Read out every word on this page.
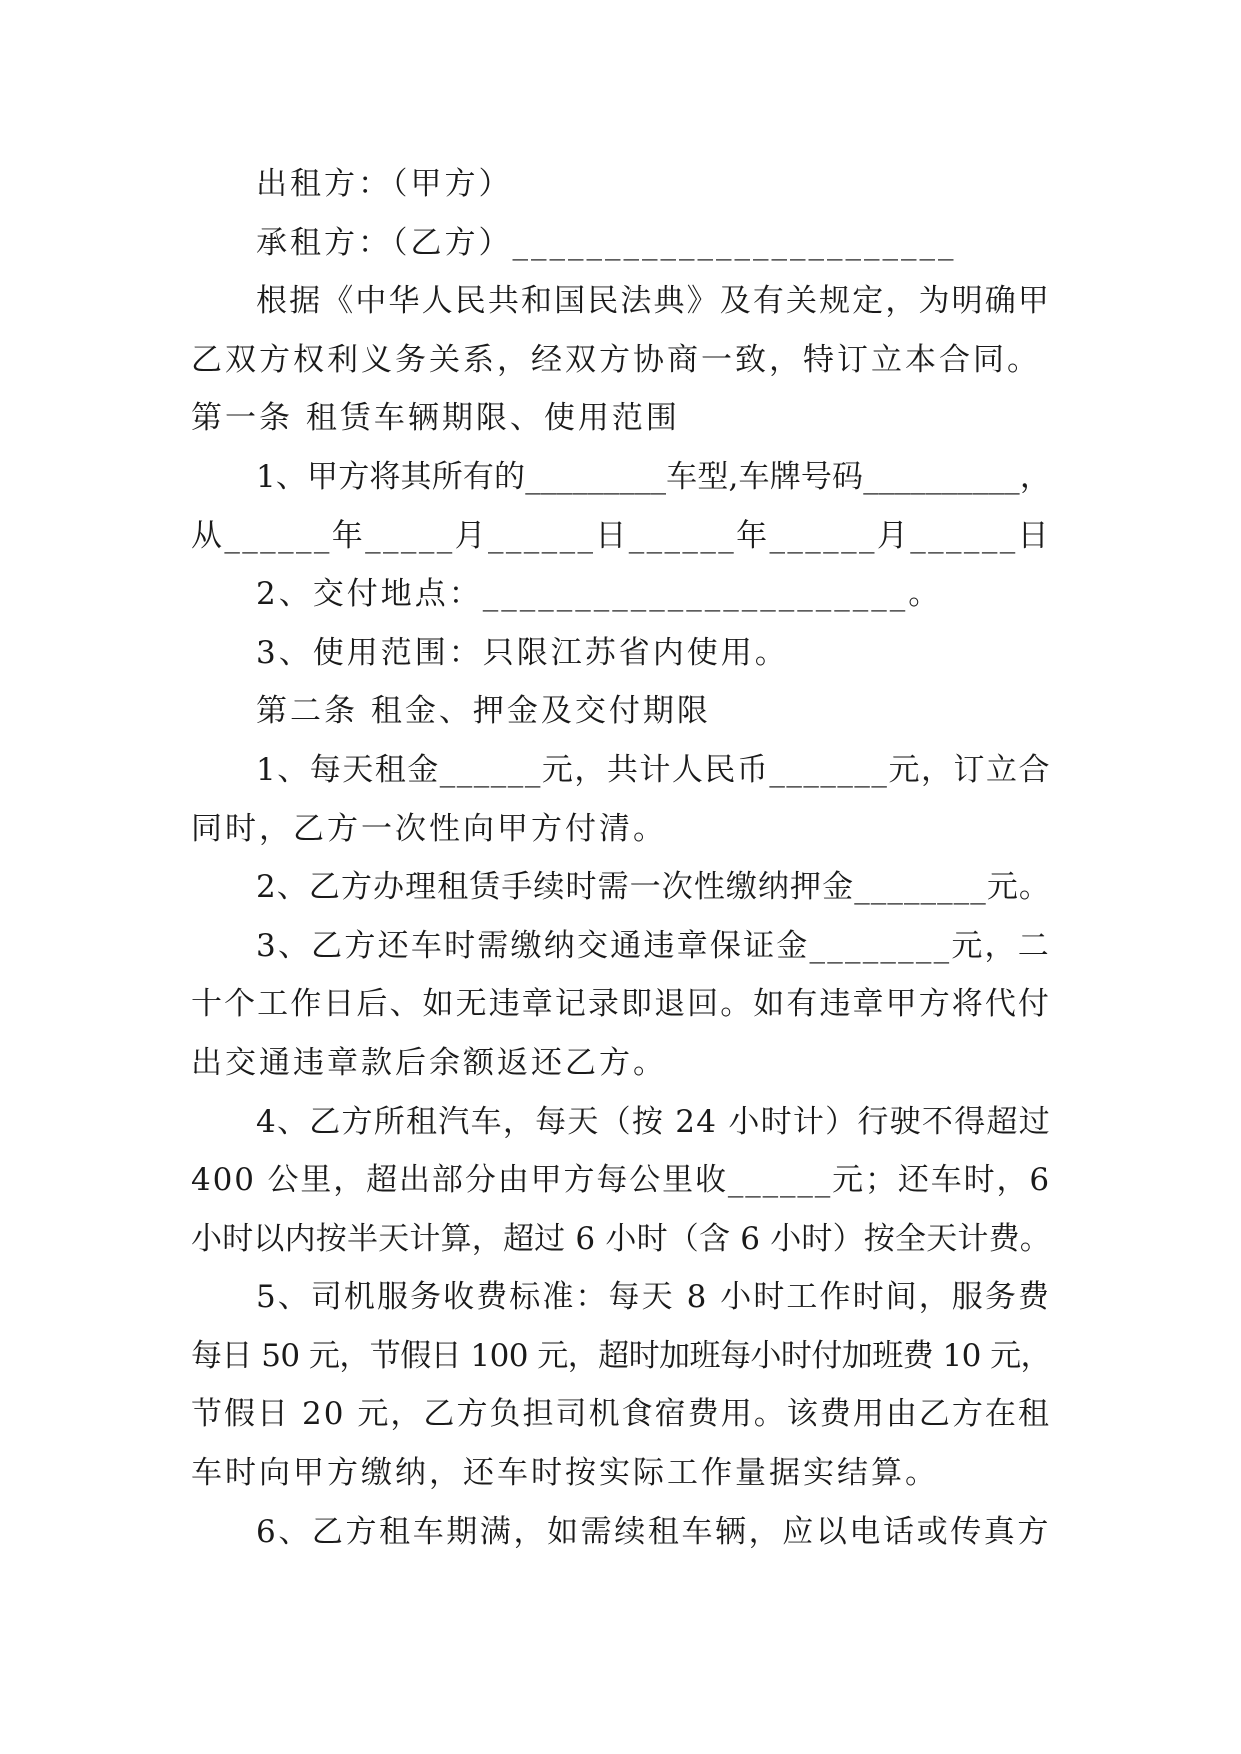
出租方：（甲方）
承租方：（乙方）________________________
根据《中华人民共和国民法典》及有关规定，为明确甲
乙双方权利义务关系，经双方协商一致，特订立本合同。
第一条 租赁车辆期限、使用范围
1、甲方将其所有的_________车型,车牌号码__________，
从______年_____月______日______年______月______日
2、交付地点：_______________________。
3、使用范围：只限江苏省内使用。
第二条 租金、押金及交付期限
1、每天租金______元，共计人民币_______元，订立合
同时，乙方一次性向甲方付清。
2、乙方办理租赁手续时需一次性缴纳押金________元。
3、乙方还车时需缴纳交通违章保证金________元，二
十个工作日后、如无违章记录即退回。如有违章甲方将代付
出交通违章款后余额返还乙方。
4、乙方所租汽车，每天（按 24 小时计）行驶不得超过
400 公里，超出部分由甲方每公里收______元；还车时，6
小时以内按半天计算，超过 6 小时（含 6 小时）按全天计费。
5、司机服务收费标准：每天 8 小时工作时间，服务费
每日 50 元，节假日 100 元，超时加班每小时付加班费 10 元，
节假日 20 元，乙方负担司机食宿费用。该费用由乙方在租
车时向甲方缴纳，还车时按实际工作量据实结算。
6、乙方租车期满，如需续租车辆，应以电话或传真方
